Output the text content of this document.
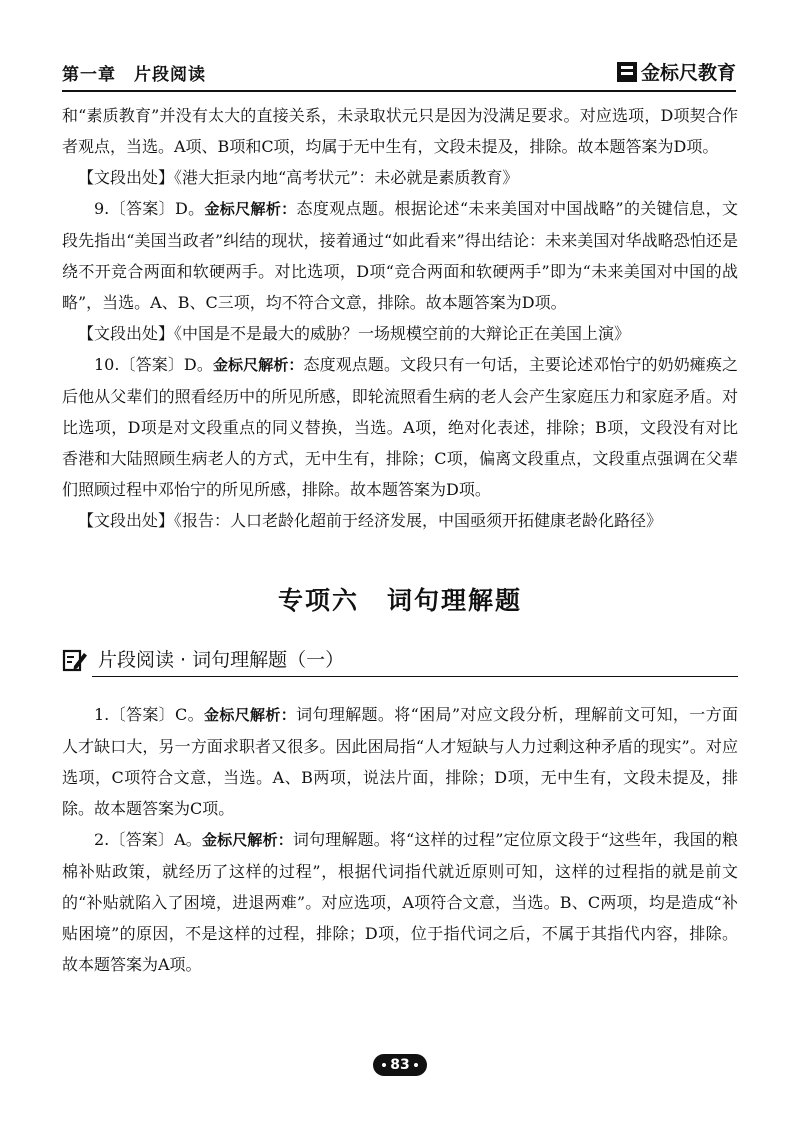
第一章　片段阅读	金标尺教育

和“素质教育”并没有太大的直接关系，未录取状元只是因为没满足要求。对应选项，D项契合作者观点，当选。A项、B项和C项，均属于无中生有，文段未提及，排除。故本题答案为D项。

【文段出处】《港大拒录内地“高考状元”：未必就是素质教育》

9.〔答案〕D。金标尺解析：态度观点题。根据论述“未来美国对中国战略”的关键信息，文段先指出“美国当政者”纠结的现状，接着通过“如此看来”得出结论：未来美国对华战略恐怕还是绕不开竞合两面和软硬两手。对比选项，D项“竞合两面和软硬两手”即为“未来美国对中国的战略”，当选。A、B、C三项，均不符合文意，排除。故本题答案为D项。

【文段出处】《中国是不是最大的威胁？一场规模空前的大辩论正在美国上演》

10.〔答案〕D。金标尺解析：态度观点题。文段只有一句话，主要论述邓怡宁的奶奶瘫痪之后他从父辈们的照看经历中的所见所感，即轮流照看生病的老人会产生家庭压力和家庭矛盾。对比选项，D项是对文段重点的同义替换，当选。A项，绝对化表述，排除；B项，文段没有对比香港和大陆照顾生病老人的方式，无中生有，排除；C项，偏离文段重点，文段重点强调在父辈们照顾过程中邓怡宁的所见所感，排除。故本题答案为D项。

【文段出处】《报告：人口老龄化超前于经济发展，中国亟须开拓健康老龄化路径》

专项六 词句理解题
片段阅读 · 词句理解题（一）

1.〔答案〕C。金标尺解析：词句理解题。将“困局”对应文段分析，理解前文可知，一方面人才缺口大，另一方面求职者又很多。因此困局指“人才短缺与人力过剩这种矛盾的现实”。对应选项，C项符合文意，当选。A、B两项，说法片面，排除；D项，无中生有，文段未提及，排除。故本题答案为C项。

2.〔答案〕A。金标尺解析：词句理解题。将“这样的过程”定位原文段于“这些年，我国的粮棉补贴政策，就经历了这样的过程”，根据代词指代就近原则可知，这样的过程指的就是前文的“补贴就陷入了困境，进退两难”。对应选项，A项符合文意，当选。B、C两项，均是造成“补贴困境”的原因，不是这样的过程，排除；D项，位于指代词之后，不属于其指代内容，排除。故本题答案为A项。

83
